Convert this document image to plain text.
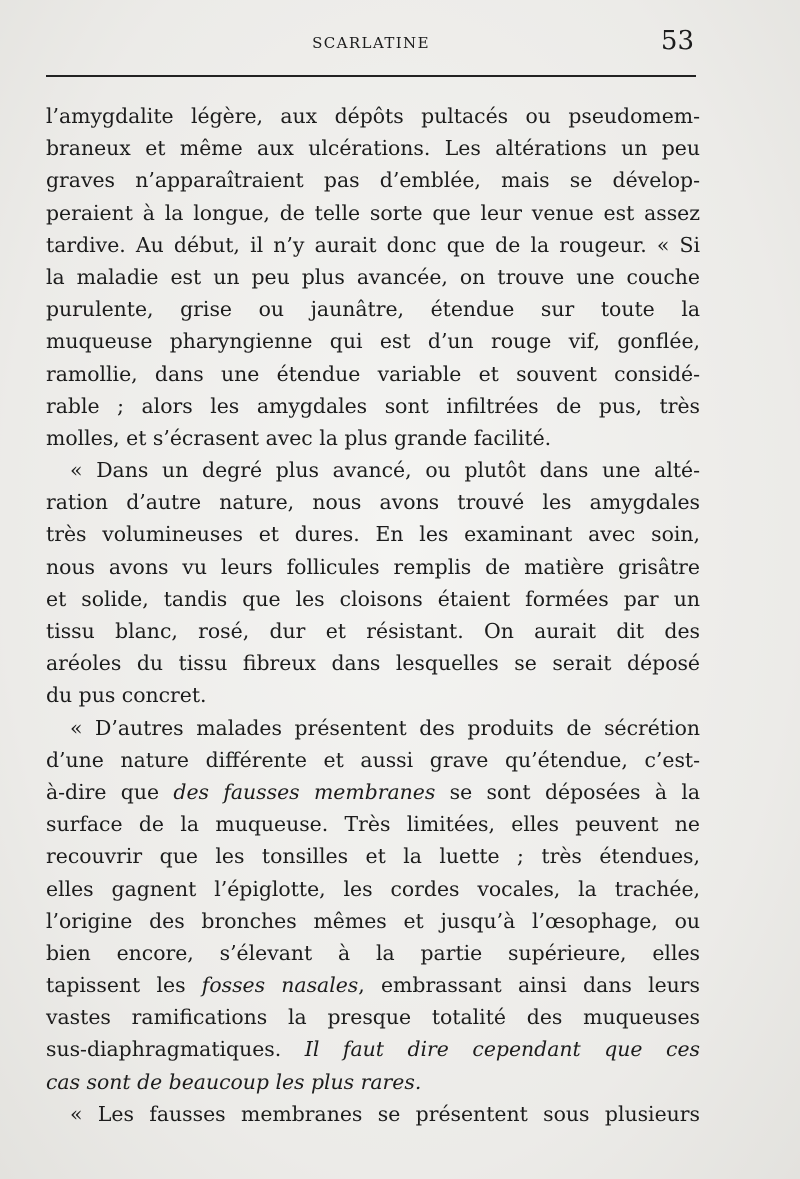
SCARLATINE	53
l’amygdalite légère, aux dépôts pultacés ou pseudomem-
braneux et même aux ulcérations. Les altérations un peu
graves n’apparaîtraient pas d’emblée, mais se dévelop-
peraient à la longue, de telle sorte que leur venue est assez
tardive. Au début, il n’y aurait donc que de la rougeur. « Si
la maladie est un peu plus avancée, on trouve une couche
purulente, grise ou jaunâtre, étendue sur toute la
muqueuse pharyngienne qui est d’un rouge vif, gonflée,
ramollie, dans une étendue variable et souvent considé-
rable ; alors les amygdales sont infiltrées de pus, très
molles, et s’écrasent avec la plus grande facilité.
« Dans un degré plus avancé, ou plutôt dans une alté-
ration d’autre nature, nous avons trouvé les amygdales
très volumineuses et dures. En les examinant avec soin,
nous avons vu leurs follicules remplis de matière grisâtre
et solide, tandis que les cloisons étaient formées par un
tissu blanc, rosé, dur et résistant. On aurait dit des
aréoles du tissu fibreux dans lesquelles se serait déposé
du pus concret.
« D’autres malades présentent des produits de sécrétion
d’une nature différente et aussi grave qu’étendue, c’est-
à-dire que des fausses membranes se sont déposées à la
surface de la muqueuse. Très limitées, elles peuvent ne
recouvrir que les tonsilles et la luette ; très étendues,
elles gagnent l’épiglotte, les cordes vocales, la trachée,
l’origine des bronches mêmes et jusqu’à l’œsophage, ou
bien encore, s’élevant à la partie supérieure, elles
tapissent les fosses nasales, embrassant ainsi dans leurs
vastes ramifications la presque totalité des muqueuses
sus-diaphragmatiques. Il faut dire cependant que ces
cas sont de beaucoup les plus rares.
« Les fausses membranes se présentent sous plusieurs
